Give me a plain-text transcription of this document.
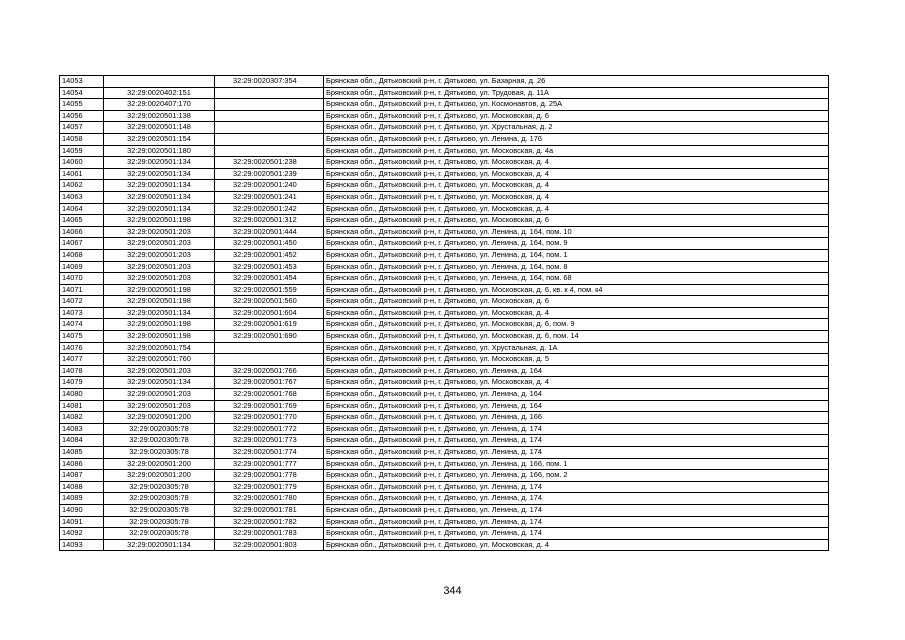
14053		32:29:0020307:354	Брянская обл., Дятьковский р-н, г. Дятьково, ул. Базарная, д. 26
14054	32:29:0020402:151		Брянская обл., Дятьковский р-н, г. Дятьково, ул. Трудовая, д. 11А
14055	32:29:0020407:170		Брянская обл., Дятьковский р-н, г. Дятьково, ул. Космонавтов, д. 25А
14056	32:29:0020501:138		Брянская обл., Дятьковский р-н, г. Дятьково, ул. Московская, д. 6
14057	32:29:0020501:148		Брянская обл., Дятьковский р-н, г. Дятьково, ул. Хрустальная, д. 2
14058	32:29:0020501:154		Брянская обл., Дятьковский р-н, г. Дятьково, ул. Ленина, д. 176
14059	32:29:0020501:180		Брянская обл., Дятьковский р-н, г. Дятьково, ул. Московская, д. 4а
14060	32:29:0020501:134	32:29:0020501:238	Брянская обл., Дятьковский р-н, г. Дятьково, ул. Московская, д. 4
14061	32:29:0020501:134	32:29:0020501:239	Брянская обл., Дятьковский р-н, г. Дятьково, ул. Московская, д. 4
14062	32:29:0020501:134	32:29:0020501:240	Брянская обл., Дятьковский р-н, г. Дятьково, ул. Московская, д. 4
14063	32:29:0020501:134	32:29:0020501:241	Брянская обл., Дятьковский р-н, г. Дятьково, ул. Московская, д. 4
14064	32:29:0020501:134	32:29:0020501:242	Брянская обл., Дятьковский р-н, г. Дятьково, ул. Московская, д. 4
14065	32:29:0020501:198	32:29:0020501:312	Брянская обл., Дятьковский р-н, г. Дятьково, ул. Московская, д. 6
14066	32:29:0020501:203	32:29:0020501:444	Брянская обл., Дятьковский р-н, г. Дятьково, ул. Ленина, д. 164, пом. 10
14067	32:29:0020501:203	32:29:0020501:450	Брянская обл., Дятьковский р-н, г. Дятьково, ул. Ленина, д. 164, пом. 9
14068	32:29:0020501:203	32:29:0020501:452	Брянская обл., Дятьковский р-н, г. Дятьково, ул. Ленина, д. 164, пом. 1
14069	32:29:0020501:203	32:29:0020501:453	Брянская обл., Дятьковский р-н, г. Дятьково, ул. Ленина, д. 164, пом. 8
14070	32:29:0020501:203	32:29:0020501:454	Брянская обл., Дятьковский р-н, г. Дятьково, ул. Ленина, д. 164, пом. 68
14071	32:29:0020501:198	32:29:0020501:559	Брянская обл., Дятьковский р-н, г. Дятьково, ул. Московская, д. 6, кв. к 4, пом. к4
14072	32:29:0020501:198	32:29:0020501:560	Брянская обл., Дятьковский р-н, г. Дятьково, ул. Московская, д. 6
14073	32:29:0020501:134	32:29:0020501:604	Брянская обл., Дятьковский р-н, г. Дятьково, ул. Московская, д. 4
14074	32:29:0020501:198	32:29:0020501:619	Брянская обл., Дятьковский р-н, г. Дятьково, ул. Московская, д. 6, пом. 9
14075	32:29:0020501:198	32:29:0020501:690	Брянская обл., Дятьковский р-н, г. Дятьково, ул. Московская, д. 6, пом. 14
14076	32:29:0020501:754		Брянская обл., Дятьковский р-н, г. Дятьково, ул. Хрустальная, д. 1А
14077	32:29:0020501:760		Брянская обл., Дятьковский р-н, г. Дятьково, ул. Московская, д. 5
14078	32:29:0020501:203	32:29:0020501:766	Брянская обл., Дятьковский р-н, г. Дятьково, ул. Ленина, д. 164
14079	32:29:0020501:134	32:29:0020501:767	Брянская обл., Дятьковский р-н, г. Дятьково, ул. Московская, д. 4
14080	32:29:0020501:203	32:29:0020501:768	Брянская обл., Дятьковский р-н, г. Дятьково, ул. Ленина, д. 164
14081	32:29:0020501:203	32:29:0020501:769	Брянская обл., Дятьковский р-н, г. Дятьково, ул. Ленина, д. 164
14082	32:29:0020501:200	32:29:0020501:770	Брянская обл., Дятьковский р-н, г. Дятьково, ул. Ленина, д. 166
14083	32:29:0020305:78	32:29:0020501:772	Брянская обл., Дятьковский р-н, г. Дятьково, ул. Ленина, д. 174
14084	32:29:0020305:78	32:29:0020501:773	Брянская обл., Дятьковский р-н, г. Дятьково, ул. Ленина, д. 174
14085	32:29:0020305:78	32:29:0020501:774	Брянская обл., Дятьковский р-н, г. Дятьково, ул. Ленина, д. 174
14086	32:29:0020501:200	32:29:0020501:777	Брянская обл., Дятьковский р-н, г. Дятьково, ул. Ленина, д. 166, пом. 1
14087	32:29:0020501:200	32:29:0020501:778	Брянская обл., Дятьковский р-н, г. Дятьково, ул. Ленина, д. 166, пом. 2
14088	32:29:0020305:78	32:29:0020501:779	Брянская обл., Дятьковский р-н, г. Дятьково, ул. Ленина, д. 174
14089	32:29:0020305:78	32:29:0020501:780	Брянская обл., Дятьковский р-н, г. Дятьково, ул. Ленина, д. 174
14090	32:29:0020305:78	32:29:0020501:781	Брянская обл., Дятьковский р-н, г. Дятьково, ул. Ленина, д. 174
14091	32:29:0020305:78	32:29:0020501:782	Брянская обл., Дятьковский р-н, г. Дятьково, ул. Ленина, д. 174
14092	32:29:0020305:78	32:29:0020501:783	Брянская обл., Дятьковский р-н, г. Дятьково, ул. Ленина, д. 174
14093	32:29:0020501:134	32:29:0020501:803	Брянская обл., Дятьковский р-н, г. Дятьково, ул. Московская, д. 4
344
